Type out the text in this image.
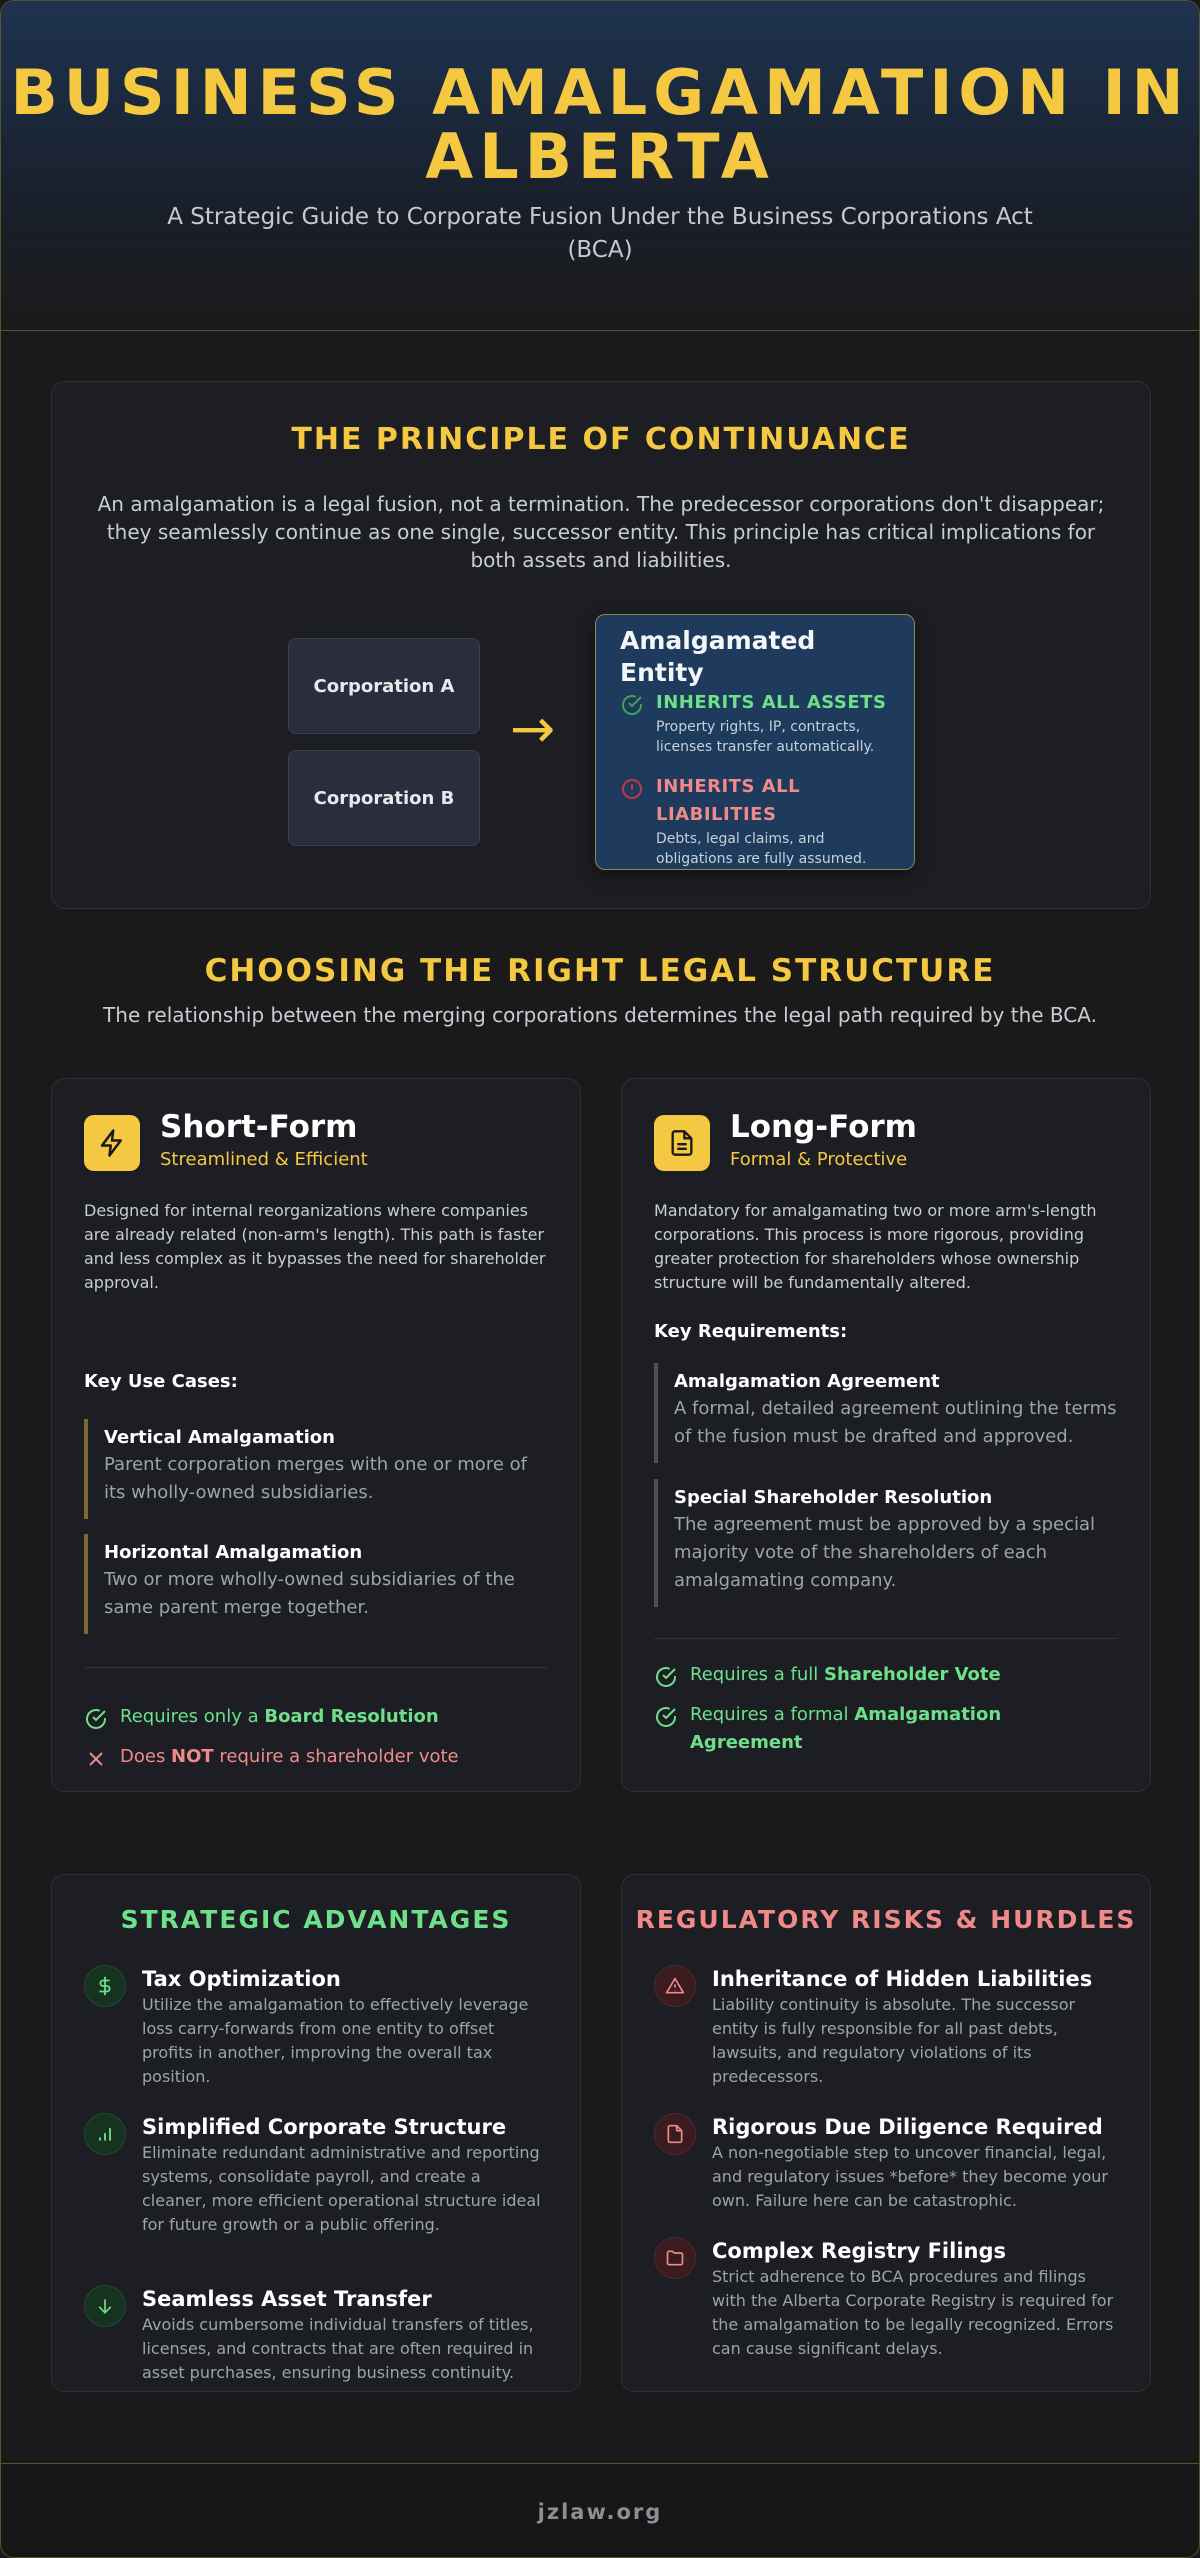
BUSINESS AMALGAMATION IN ALBERTA

A Strategic Guide to Corporate Fusion Under the Business Corporations Act (BCA)

THE PRINCIPLE OF CONTINUANCE

An amalgamation is a legal fusion, not a termination. The predecessor corporations don't disappear; they seamlessly continue as one single, successor entity. This principle has critical implications for both assets and liabilities.

Corporation A
Corporation B
→
Amalgamated Entity
INHERITS ALL ASSETS
Property rights, IP, contracts, licenses transfer automatically.
INHERITS ALL LIABILITIES
Debts, legal claims, and obligations are fully assumed.
CHOOSING THE RIGHT LEGAL STRUCTURE

The relationship between the merging corporations determines the legal path required by the BCA.

Short-Form
Streamlined & Efficient

Designed for internal reorganizations where companies are already related (non-arm's length). This path is faster and less complex as it bypasses the need for shareholder approval.

Key Use Cases:
Vertical Amalgamation
Parent corporation merges with one or more of its wholly-owned subsidiaries.
Horizontal Amalgamation
Two or more wholly-owned subsidiaries of the same parent merge together.
Requires only a Board Resolution
Does NOT require a shareholder vote
Long-Form
Formal & Protective

Mandatory for amalgamating two or more arm's-length corporations. This process is more rigorous, providing greater protection for shareholders whose ownership structure will be fundamentally altered.

Key Requirements:
Amalgamation Agreement
A formal, detailed agreement outlining the terms of the fusion must be drafted and approved.
Special Shareholder Resolution
The agreement must be approved by a special majority vote of the shareholders of each amalgamating company.
Requires a full Shareholder Vote
Requires a formal Amalgamation Agreement
STRATEGIC ADVANTAGES
Tax Optimization
Utilize the amalgamation to effectively leverage loss carry-forwards from one entity to offset profits in another, improving the overall tax position.
Simplified Corporate Structure
Eliminate redundant administrative and reporting systems, consolidate payroll, and create a cleaner, more efficient operational structure ideal for future growth or a public offering.
Seamless Asset Transfer
Avoids cumbersome individual transfers of titles, licenses, and contracts that are often required in asset purchases, ensuring business continuity.
REGULATORY RISKS & HURDLES
Inheritance of Hidden Liabilities
Liability continuity is absolute. The successor entity is fully responsible for all past debts, lawsuits, and regulatory violations of its predecessors.
Rigorous Due Diligence Required
A non-negotiable step to uncover financial, legal, and regulatory issues *before* they become your own. Failure here can be catastrophic.
Complex Registry Filings
Strict adherence to BCA procedures and filings with the Alberta Corporate Registry is required for the amalgamation to be legally recognized. Errors can cause significant delays.
jzlaw.org
